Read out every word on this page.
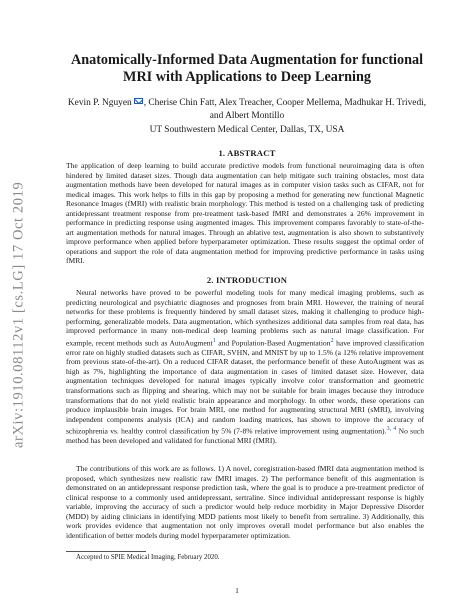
arXiv:1910.08112v1 [cs.LG] 17 Oct 2019
Anatomically-Informed Data Augmentation for functional
MRI with Applications to Deep Learning
Kevin P. Nguyen , Cherise Chin Fatt, Alex Treacher, Cooper Mellema, Madhukar H. Trivedi,
and Albert Montillo
UT Southwestern Medical Center, Dallas, TX, USA
1. ABSTRACT

The application of deep learning to build accurate predictive models from functional neuroimaging data is often hindered by limited dataset sizes. Though data augmentation can help mitigate such training obstacles, most data augmentation methods have been developed for natural images as in computer vision tasks such as CIFAR, not for medical images. This work helps to fills in this gap by proposing a method for generating new functional Magnetic Resonance Images (fMRI) with realistic brain morphology. This method is tested on a challenging task of predicting antidepressant treatment response from pre-treatment task-based fMRI and demonstrates a 26% improvement in performance in predicting response using augmented images. This improvement compares favorably to state-of-the-art augmentation methods for natural images. Through an ablative test, augmentation is also shown to substantively improve performance when applied before hyperparameter optimization. These results suggest the optimal order of operations and support the role of data augmentation method for improving predictive performance in tasks using fMRI.

2. INTRODUCTION

Neural networks have proved to be powerful modeling tools for many medical imaging problems, such as predicting neurological and psychiatric diagnoses and prognoses from brain MRI. However, the training of neural networks for these problems is frequently hindered by small dataset sizes, making it challenging to produce high-performing, generalizable models. Data augmentation, which synthesizes additional data samples from real data, has improved performance in many non-medical deep learning problems such as natural image classification. For example, recent methods such as AutoAugment$^1$ and Population-Based Augmentation$^2$ have improved classification error rate on highly studied datasets such as CIFAR, SVHN, and MNIST by up to 1.5% (a 12% relative improvement from previous state-of-the-art). On a reduced CIFAR dataset, the performance benefit of these AutoAugment was as high as 7%, highlighting the importance of data augmentation in cases of limited dataset size. However, data augmentation techniques developed for natural images typically involve color transformation and geometric transformations such as flipping and shearing, which may not be suitable for brain images because they introduce transformations that do not yield realistic brain appearance and morphology. In other words, these operations can produce implausible brain images. For brain MRI, one method for augmenting structural MRI (sMRI), involving independent components analysis (ICA) and random loading matrices, has shown to improve the accuracy of schizophrenia vs. healthy control classification by 5% (7-8% relative improvement using augmentation).$^{3, 4}$ No such method has been developed and validated for functional MRI (fMRI).

The contributions of this work are as follows. 1) A novel, coregistration-based fMRI data augmentation method is proposed, which synthesizes new realistic raw fMRI images. 2) The performance benefit of this augmentation is demonstrated on an antidepressant response prediction task, where the goal is to produce a pre-treatment predictor of clinical response to a commonly used antidepressant, sertraline. Since individual antidepressant response is highly variable, improving the accuracy of such a predictor would help reduce morbidity in Major Depressive Disorder (MDD) by aiding clinicians in identifying MDD patients most likely to benefit from sertraline. 3) Additionally, this work provides evidence that augmentation not only improves overall model performance but also enables the identification of better models during model hyperparameter optimization.

Accepted to SPIE Medical Imaging, February 2020.
1
